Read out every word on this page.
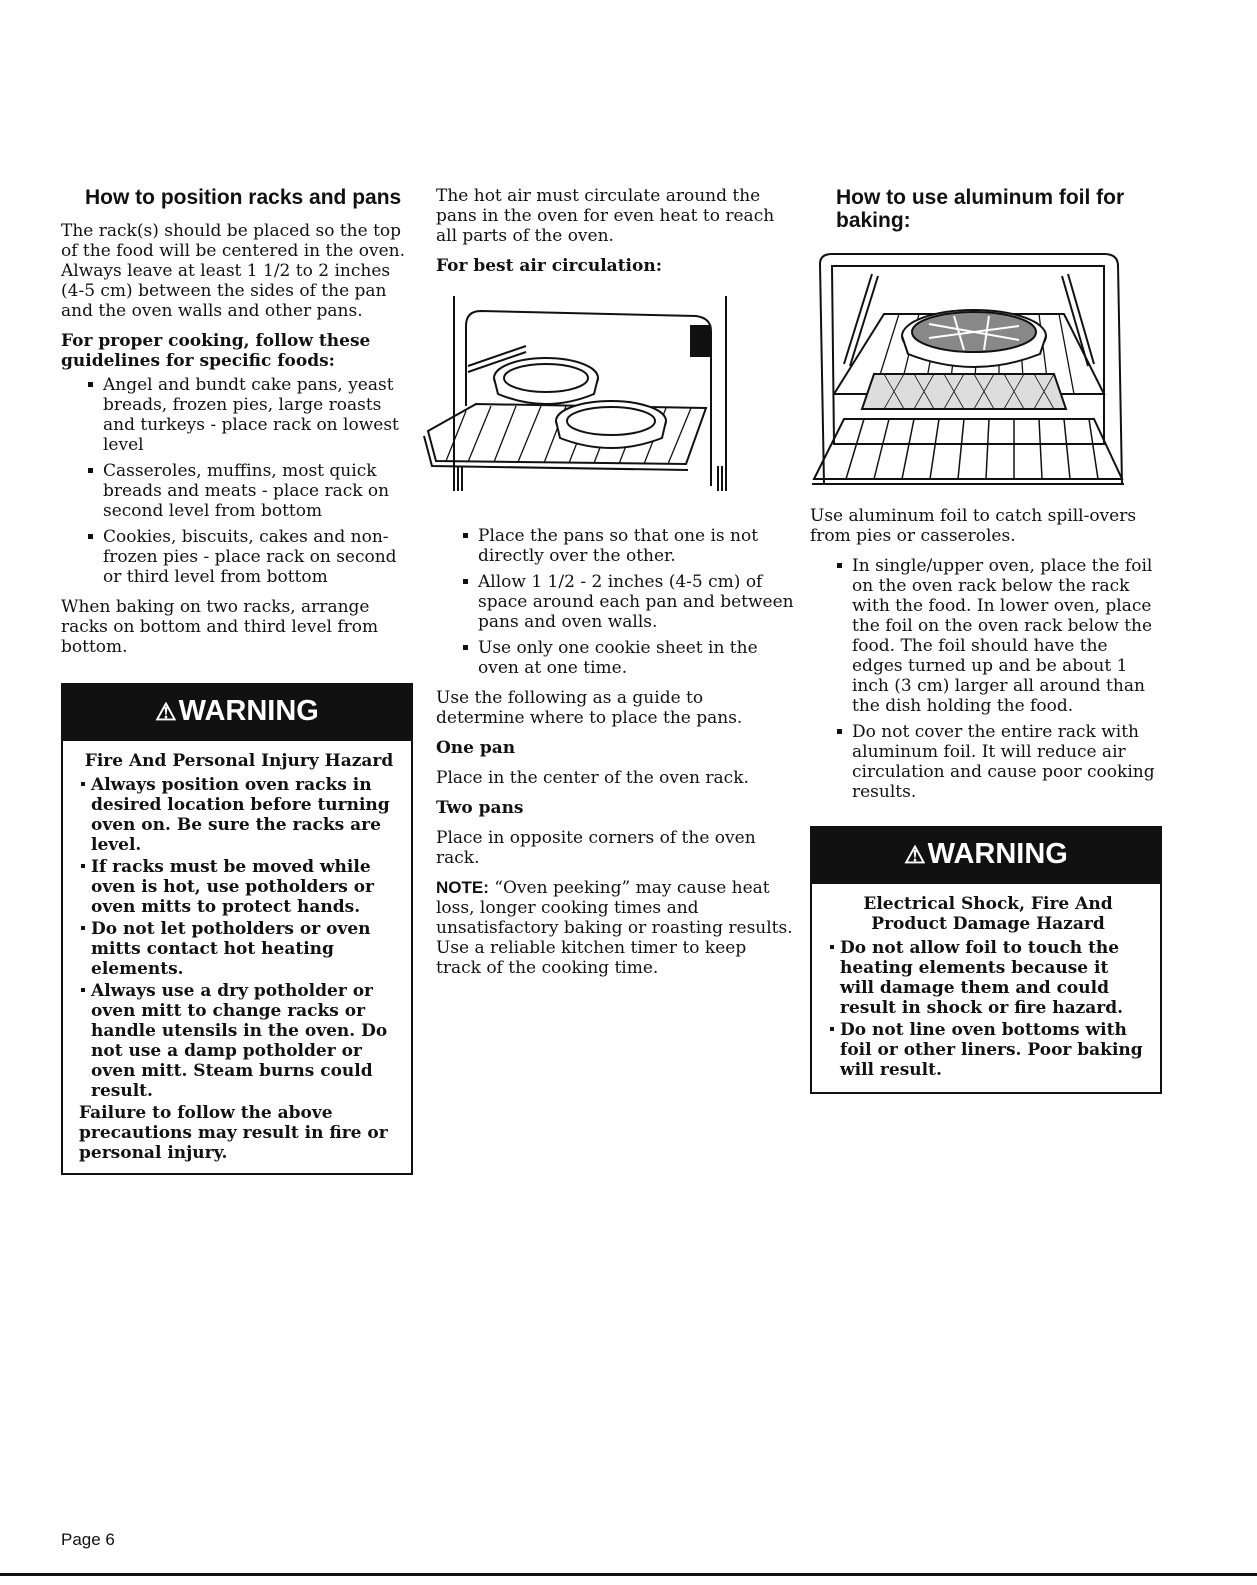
How to position racks and pans

The rack(s) should be placed so the top of the food will be centered in the oven. Always leave at least 1 1/2 to 2 inches (4-5 cm) between the sides of the pan and the oven walls and other pans.

For proper cooking, follow these guidelines for specific foods:

Angel and bundt cake pans, yeast breads, frozen pies, large roasts and turkeys - place rack on lowest level
Casseroles, muffins, most quick breads and meats - place rack on second level from bottom
Cookies, biscuits, cakes and non-frozen pies - place rack on second or third level from bottom

When baking on two racks, arrange racks on bottom and third level from bottom.

⚠WARNING
Fire And Personal Injury Hazard
Always position oven racks in desired location before turning oven on. Be sure the racks are level.
If racks must be moved while oven is hot, use potholders or oven mitts to protect hands.
Do not let potholders or oven mitts contact hot heating elements.
Always use a dry potholder or oven mitt to change racks or handle utensils in the oven. Do not use a damp potholder or oven mitt. Steam burns could result.
Failure to follow the above precautions may result in fire or personal injury.

The hot air must circulate around the pans in the oven for even heat to reach all parts of the oven.

For best air circulation:

Place the pans so that one is not directly over the other.
Allow 1 1/2 - 2 inches (4-5 cm) of space around each pan and between pans and oven walls.
Use only one cookie sheet in the oven at one time.

Use the following as a guide to determine where to place the pans.

One pan

Place in the center of the oven rack.

Two pans

Place in opposite corners of the oven rack.

NOTE: “Oven peeking” may cause heat loss, longer cooking times and unsatisfactory baking or roasting results. Use a reliable kitchen timer to keep track of the cooking time.

How to use aluminum foil for baking:

Use aluminum foil to catch spill-overs from pies or casseroles.

In single/upper oven, place the foil on the oven rack below the rack with the food. In lower oven, place the foil on the oven rack below the food. The foil should have the edges turned up and be about 1 inch (3 cm) larger all around than the dish holding the food.
Do not cover the entire rack with aluminum foil. It will reduce air circulation and cause poor cooking results.
⚠WARNING
Electrical Shock, Fire And Product Damage Hazard
Do not allow foil to touch the heating elements because it will damage them and could result in shock or fire hazard.
Do not line oven bottoms with foil or other liners. Poor baking will result.
Page 6
